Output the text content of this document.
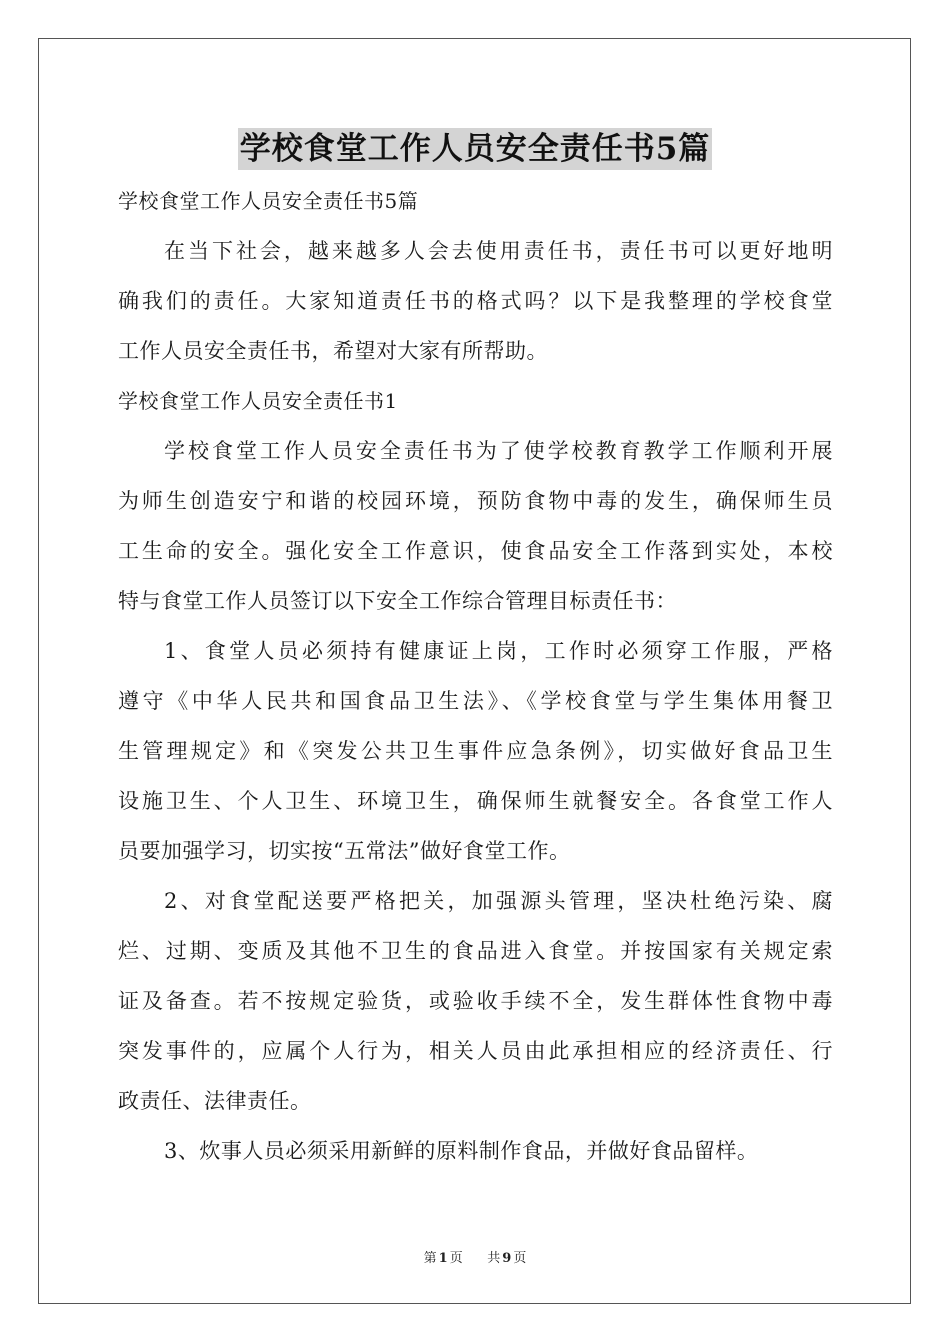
学校食堂工作人员安全责任书5篇
学校食堂工作人员安全责任书5篇
在当下社会，越来越多人会去使用责任书，责任书可以更好地明
确我们的责任。大家知道责任书的格式吗？以下是我整理的学校食堂
工作人员安全责任书，希望对大家有所帮助。
学校食堂工作人员安全责任书1
学校食堂工作人员安全责任书为了使学校教育教学工作顺利开展
为师生创造安宁和谐的校园环境，预防食物中毒的发生，确保师生员
工生命的安全。强化安全工作意识，使食品安全工作落到实处，本校
特与食堂工作人员签订以下安全工作综合管理目标责任书：
1、食堂人员必须持有健康证上岗，工作时必须穿工作服，严格
遵守《中华人民共和国食品卫生法》、《学校食堂与学生集体用餐卫
生管理规定》和《突发公共卫生事件应急条例》，切实做好食品卫生
设施卫生、个人卫生、环境卫生，确保师生就餐安全。各食堂工作人
员要加强学习，切实按“五常法”做好食堂工作。
2、对食堂配送要严格把关，加强源头管理，坚决杜绝污染、腐
烂、过期、变质及其他不卫生的食品进入食堂。并按国家有关规定索
证及备查。若不按规定验货，或验收手续不全，发生群体性食物中毒
突发事件的，应属个人行为，相关人员由此承担相应的经济责任、行
政责任、法律责任。
3、炊事人员必须采用新鲜的原料制作食品，并做好食品留样。
第 1 页 共 9 页
